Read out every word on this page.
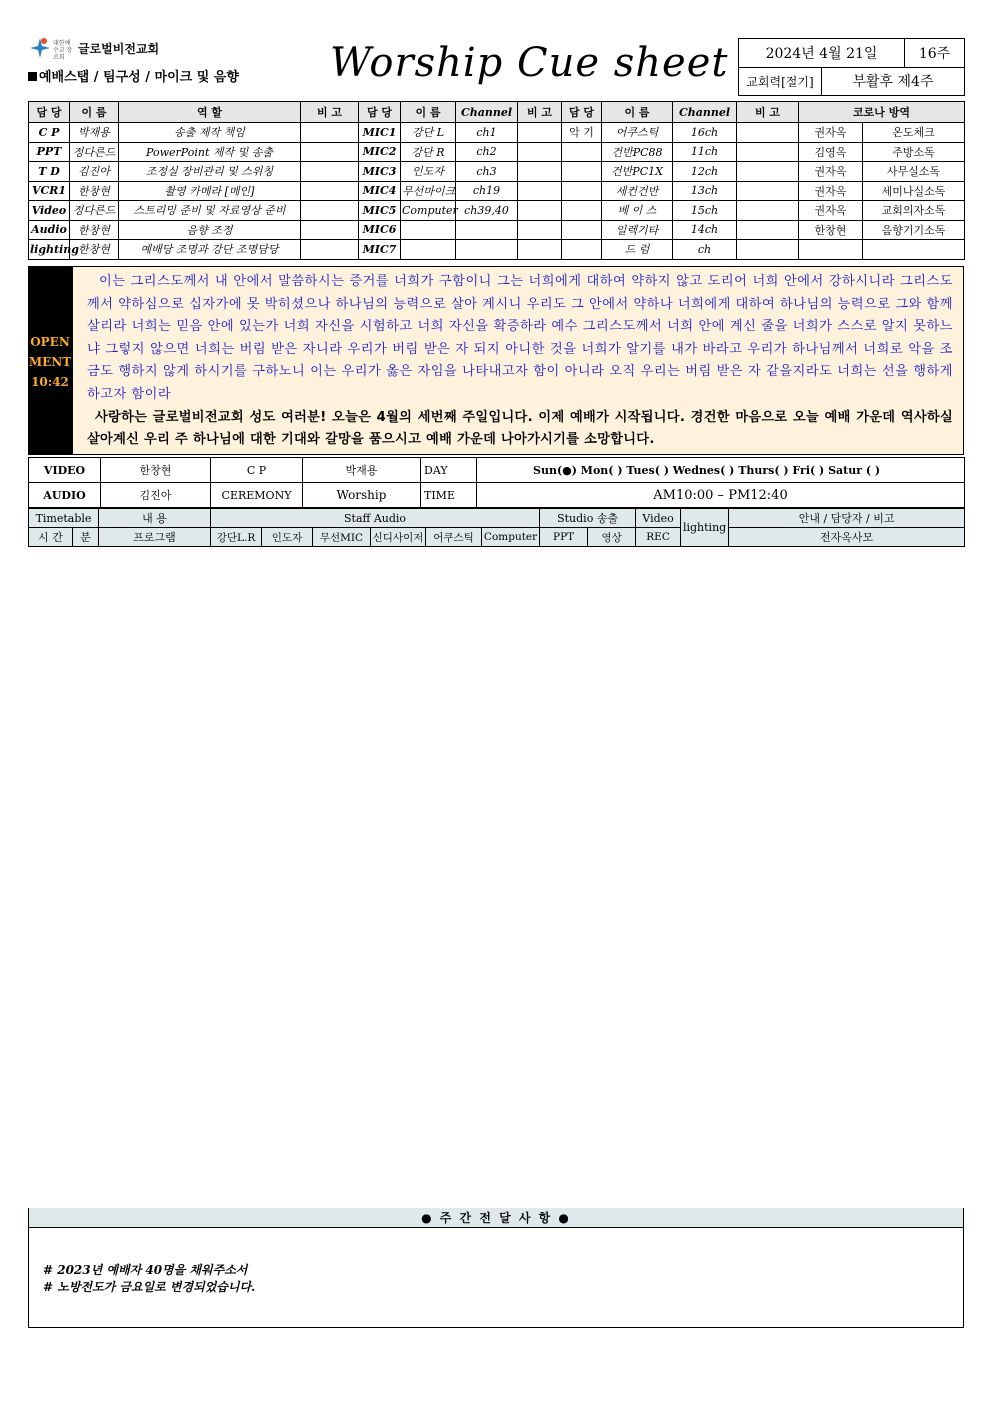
대한예수교 장로회
글로벌비전교회
예배스탭 / 팀구성 / 마이크 및 음향 Worship Cue sheet	2024년 4월 21일		16주
교회력[절기]	부활후 제4주	
담 당	이 름	역 할	비 고	담 당	이 름	Channel	비 고	담 당	이 름	Channel	비 고	코로나 방역	
C P	박재용	송출 제작 책임		MIC1	강단 L	ch1		악 기	어쿠스틱	16ch		권자옥	온도체크
PPT	정다른드	PowerPoint 제작 및 송출		MIC2	강단 R	ch2			건반PC88	11ch		김영옥	주방소독
T D	김진아	조정실 장비관리 및 스위칭		MIC3	인도자	ch3			건반PC1X	12ch		권자옥	사무실소독
VCR1	한창현	촬영 카메라 [메인]		MIC4	무선마이크	ch19			세컨건반	13ch		권자옥	세미나실소독
Video	정다른드	스트리밍 준비 및 자료영상 준비		MIC5	Computer	ch39,40			베 이 스	15ch		권자옥	교회의자소독
Audio	한창현	음향 조정		MIC6					일렉기타	14ch		한창현	음향기기소독
lighting	한창현	예배당 조명과 강단 조명담당		MIC7					드 럼	ch			
OPEN
MENT
10:42
이는 그리스도께서 내 안에서 말씀하시는 증거를 너희가 구함이니 그는 너희에게 대하여 약하지 않고 도리어 너희 안에서 강하시니라 그리스도께서 약하심으로 십자가에 못 박히셨으나 하나님의 능력으로 살아 계시니 우리도 그 안에서 약하나 너희에게 대하여 하나님의 능력으로 그와 함께 살리라 너희는 믿음 안에 있는가 너희 자신을 시험하고 너희 자신을 확증하라 예수 그리스도께서 너희 안에 계신 줄을 너희가 스스로 알지 못하느냐 그렇지 않으면 너희는 버림 받은 자니라 우리가 버림 받은 자 되지 아니한 것을 너희가 알기를 내가 바라고 우리가 하나님께서 너희로 악을 조금도 행하지 않게 하시기를 구하노니 이는 우리가 옳은 자임을 나타내고자 함이 아니라 오직 우리는 버림 받은 자 같을지라도 너희는 선을 행하게 하고자 함이라
사랑하는 글로벌비전교회 성도 여러분! 오늘은 4월의 세번째 주일입니다. 이제 예배가 시작됩니다. 경건한 마음으로 오늘 예배 가운데 역사하실 살아계신 우리 주 하나님에 대한 기대와 갈망을 품으시고 예배 가운데 나아가시기를 소망합니다.
VIDEO	한창현	C P	박재용	DAY	Sun(●) Mon( ) Tues( ) Wednes( ) Thurs( ) Fri( ) Satur ( )
AUDIO	김진아	CEREMONY	Worship	TIME	AM10:00 – PM12:40
Timetable		내 용	Staff Audio						Studio 송출		Video	lighting	안내 / 담당자 / 비고
시 간	분	프로그램	강단L.R	인도자	무선MIC	신디사이저	어쿠스틱	Computer	PPT	영상	REC		전자옥사모
● 주 간 전 달 사 항 ●
# 2023년 예배자 40명을 채워주소서
# 노방전도가 금요일로 변경되었습니다.
